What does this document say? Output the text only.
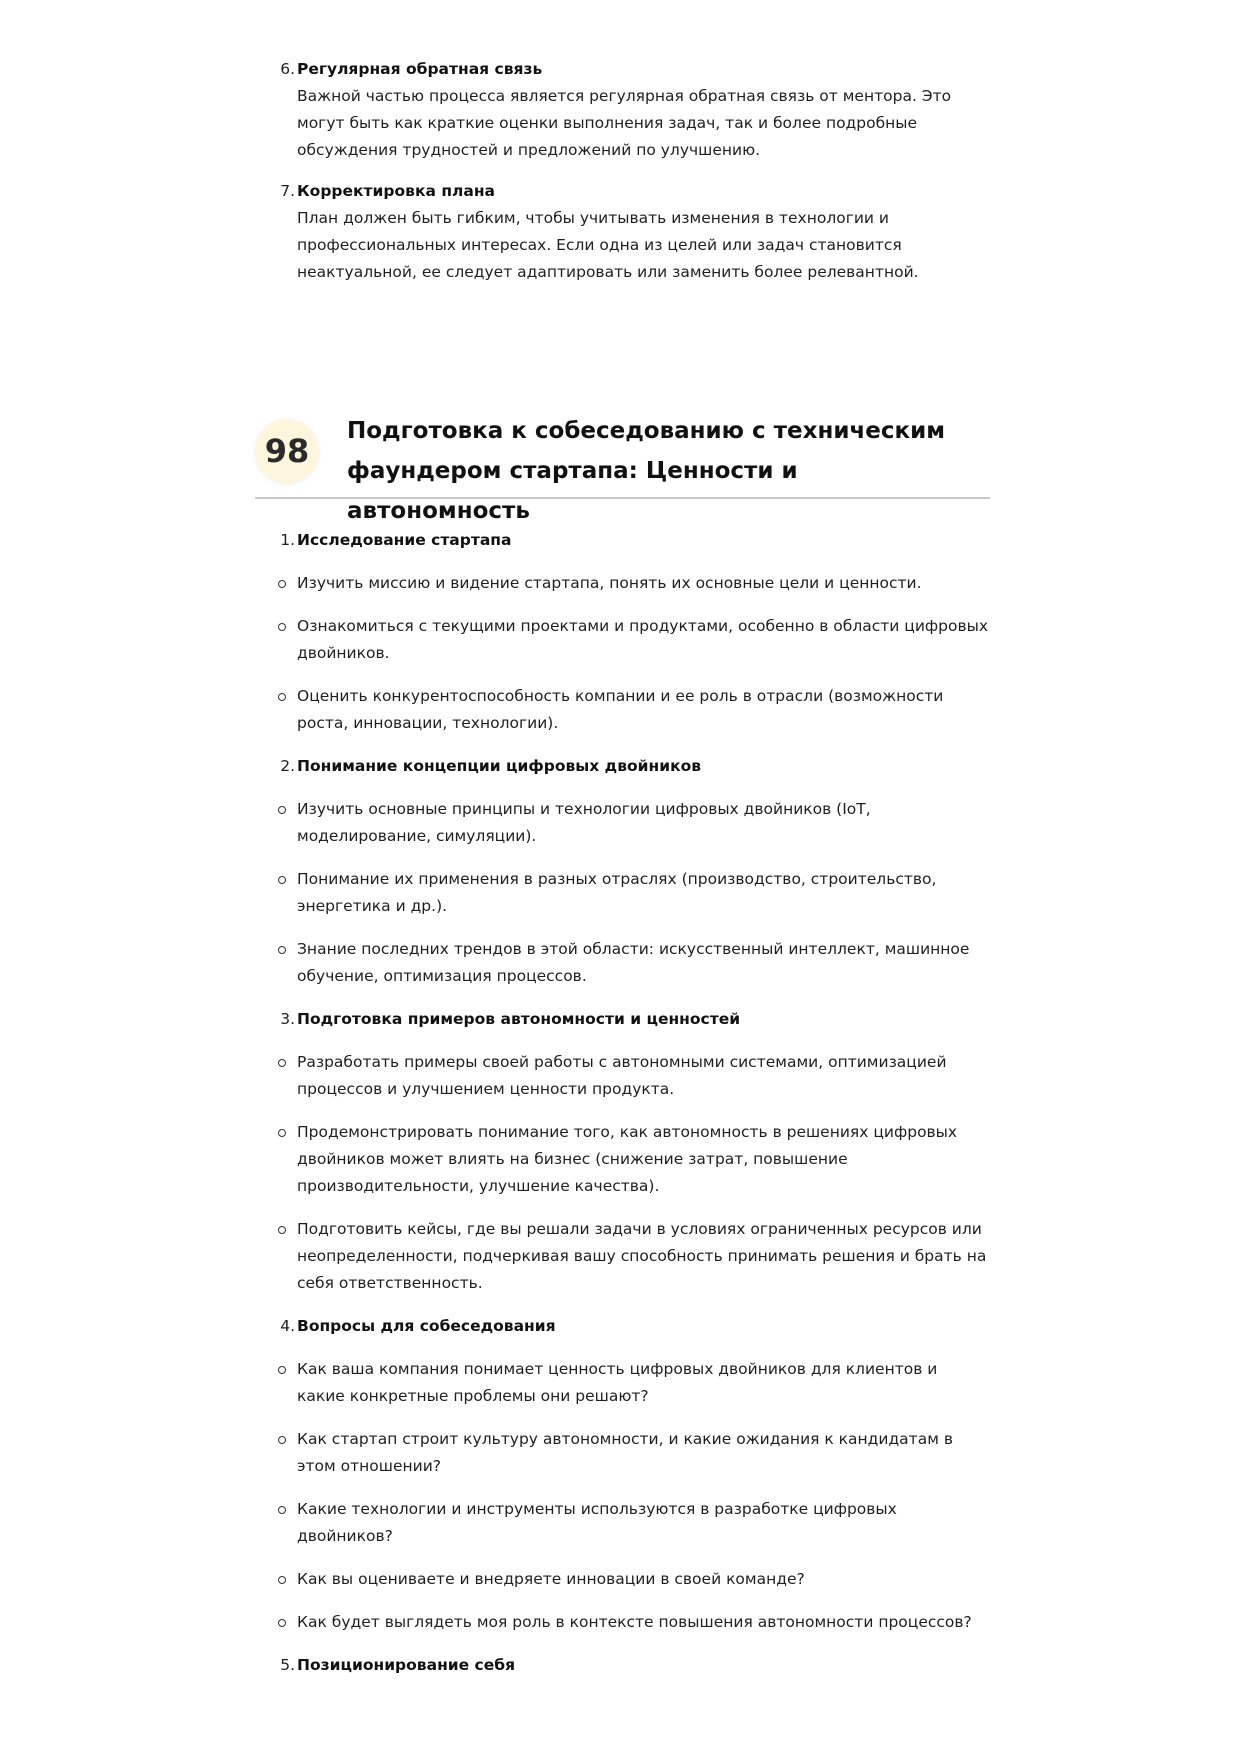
6. Регулярная обратная связь

Важной частью процесса является регулярная обратная связь от ментора. Это могут быть как краткие оценки выполнения задач, так и более подробные обсуждения трудностей и предложений по улучшению.

7. Корректировка плана

План должен быть гибким, чтобы учитывать изменения в технологии и профессиональных интересах. Если одна из целей или задач становится неактуальной, ее следует адаптировать или заменить более релевантной.

98
Подготовка к собеседованию с техническим фаундером стартапа: Ценности и автономность
1. Исследование стартапа

Изучить миссию и видение стартапа, понять их основные цели и ценности.
Ознакомиться с текущими проектами и продуктами, особенно в области цифровых двойников.
Оценить конкурентоспособность компании и ее роль в отрасли (возможности роста, инновации, технологии).
2. Понимание концепции цифровых двойников

Изучить основные принципы и технологии цифровых двойников (IoT, моделирование, симуляции).
Понимание их применения в разных отраслях (производство, строительство, энергетика и др.).
Знание последних трендов в этой области: искусственный интеллект, машинное обучение, оптимизация процессов.
3. Подготовка примеров автономности и ценностей

Разработать примеры своей работы с автономными системами, оптимизацией процессов и улучшением ценности продукта.
Продемонстрировать понимание того, как автономность в решениях цифровых двойников может влиять на бизнес (снижение затрат, повышение производительности, улучшение качества).
Подготовить кейсы, где вы решали задачи в условиях ограниченных ресурсов или неопределенности, подчеркивая вашу способность принимать решения и брать на себя ответственность.
4. Вопросы для собеседования

Как ваша компания понимает ценность цифровых двойников для клиентов и какие конкретные проблемы они решают?
Как стартап строит культуру автономности, и какие ожидания к кандидатам в этом отношении?
Какие технологии и инструменты используются в разработке цифровых двойников?
Как вы оцениваете и внедряете инновации в своей команде?
Как будет выглядеть моя роль в контексте повышения автономности процессов?
5. Позиционирование себя
